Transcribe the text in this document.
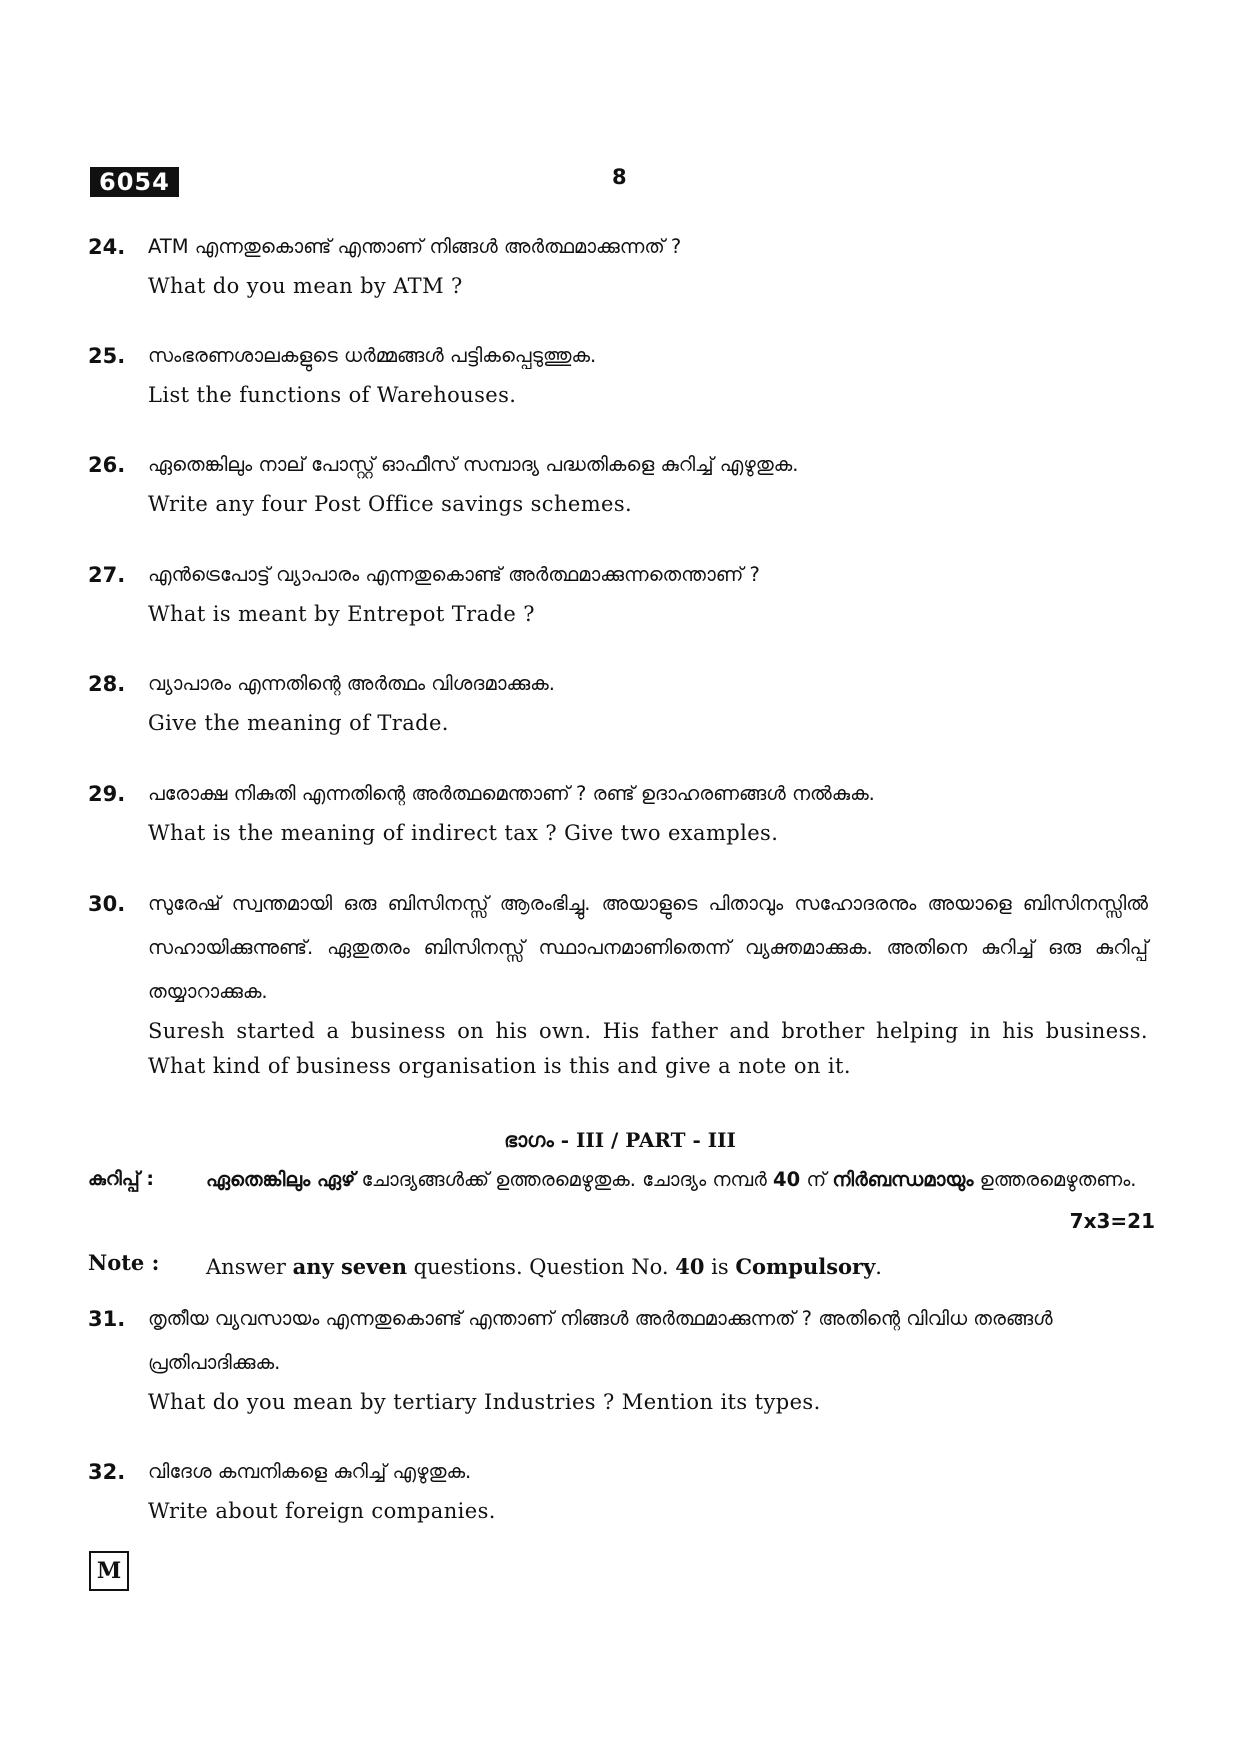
6054	8
24. ATM എന്നതുകൊണ്ട് എന്താണ് നിങ്ങൾ അർത്ഥമാക്കുന്നത് ?
What do you mean by ATM ?
25. സംഭരണശാലകളുടെ ധർമ്മങ്ങൾ പട്ടികപ്പെടുത്തുക.
List the functions of Warehouses.
26. ഏതെങ്കിലും നാല് പോസ്റ്റ് ഓഫീസ് സമ്പാദ്യ പദ്ധതികളെ കുറിച്ച് എഴുതുക.
Write any four Post Office savings schemes.
27. എൻട്രെപോട്ട് വ്യാപാരം എന്നതുകൊണ്ട് അർത്ഥമാക്കുന്നതെന്താണ് ?
What is meant by Entrepot Trade ?
28. വ്യാപാരം എന്നതിന്റെ അർത്ഥം വിശദമാക്കുക.
Give the meaning of Trade.
29. പരോക്ഷ നികുതി എന്നതിന്റെ അർത്ഥമെന്താണ് ? രണ്ട് ഉദാഹരണങ്ങൾ നൽകുക.
What is the meaning of indirect tax ? Give two examples.
30. സുരേഷ് സ്വന്തമായി ഒരു ബിസിനസ്സ് ആരംഭിച്ചു. അയാളുടെ പിതാവും സഹോദരനും അയാളെ ബിസിനസ്സിൽ സഹായിക്കുന്നുണ്ട്. ഏതുതരം ബിസിനസ്സ് സ്ഥാപനമാണിതെന്ന് വ്യക്തമാക്കുക. അതിനെ കുറിച്ച് ഒരു കുറിപ്പ് തയ്യാറാക്കുക.
Suresh started a business on his own. His father and brother helping in his business. What kind of business organisation is this and give a note on it.
ഭാഗം - III / PART - III
കുറിപ്പ് :	ഏതെങ്കിലും ഏഴ് ചോദ്യങ്ങൾക്ക് ഉത്തരമെഴുതുക. ചോദ്യം നമ്പർ 40 ന് നിർബന്ധമായും ഉത്തരമെഴുതണം.
7x3=21
Note : Answer any seven questions. Question No. 40 is Compulsory.
31. തൃതീയ വ്യവസായം എന്നതുകൊണ്ട് എന്താണ് നിങ്ങൾ അർത്ഥമാക്കുന്നത് ? അതിന്റെ വിവിധ തരങ്ങൾ പ്രതിപാദിക്കുക.
What do you mean by tertiary Industries ? Mention its types.
32. വിദേശ കമ്പനികളെ കുറിച്ച് എഴുതുക.
Write about foreign companies.
M
